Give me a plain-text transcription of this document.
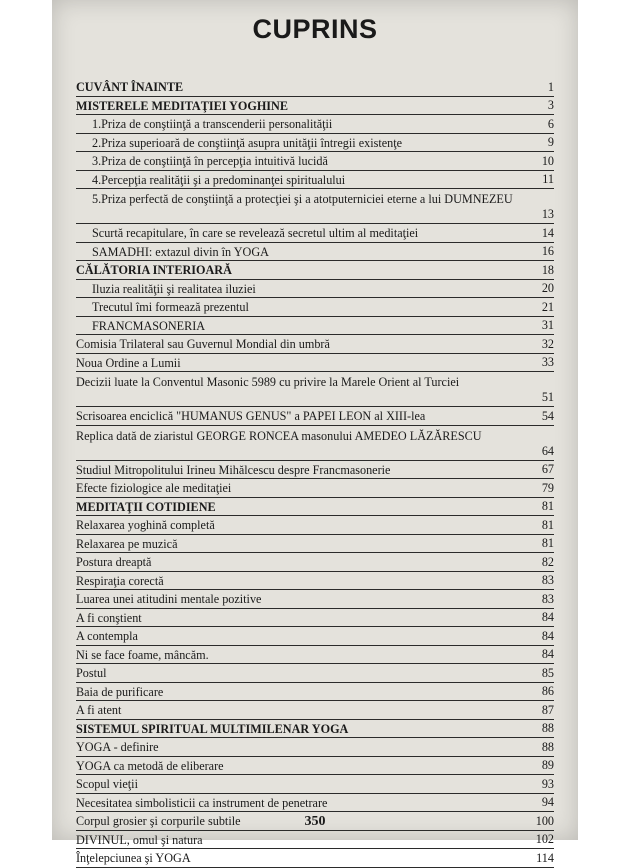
CUPRINS
CUVÂNT ÎNAINTE	1
MISTERELE MEDITAŢIEI YOGHINE	3
1.Priza de conştiinţă a transcenderii personalităţii	6
2.Priza superioară de conştiinţă asupra unităţii întregii existenţe	9
3.Priza de conştiinţă în percepţia intuitivă lucidă	10
4.Percepţia realităţii şi a predominanţei spiritualului	11
5.Priza perfectă de conştiinţă a protecţiei şi a atotputerniciei eterne a lui DUMNEZEU
13
Scurtă recapitulare, în care se revelează secretul ultim al meditaţiei	14
SAMADHI: extazul divin în YOGA	16
CĂLĂTORIA INTERIOARĂ	18
Iluzia realităţii şi realitatea iluziei	20
Trecutul îmi formează prezentul	21
FRANCMASONERIA	31
Comisia Trilateral sau Guvernul Mondial din umbră	32
Noua Ordine a Lumii	33
Decizii luate la Conventul Masonic 5989 cu privire la Marele Orient al Turciei
51
Scrisoarea enciclică "HUMANUS GENUS" a PAPEI LEON al XIII-lea	54
Replica dată de ziaristul GEORGE RONCEA masonului AMEDEO LĂZĂRESCU
64
Studiul Mitropolitului Irineu Mihălcescu despre Francmasonerie	67
Efecte fiziologice ale meditaţiei	79
MEDITAŢII COTIDIENE	81
Relaxarea yoghină completă	81
Relaxarea pe muzică	81
Postura dreaptă	82
Respiraţia corectă	83
Luarea unei atitudini mentale pozitive	83
A fi conştient	84
A contempla	84
Ni se face foame, mâncăm.	84
Postul	85
Baia de purificare	86
A fi atent	87
SISTEMUL SPIRITUAL MULTIMILENAR YOGA	88
YOGA - definire	88
YOGA ca metodă de eliberare	89
Scopul vieţii	93
Necesitatea simbolisticii ca instrument de penetrare	94
Corpul grosier şi corpurile subtile	100
DIVINUL, omul şi natura	102
Înţelepciunea şi YOGA	114
350
